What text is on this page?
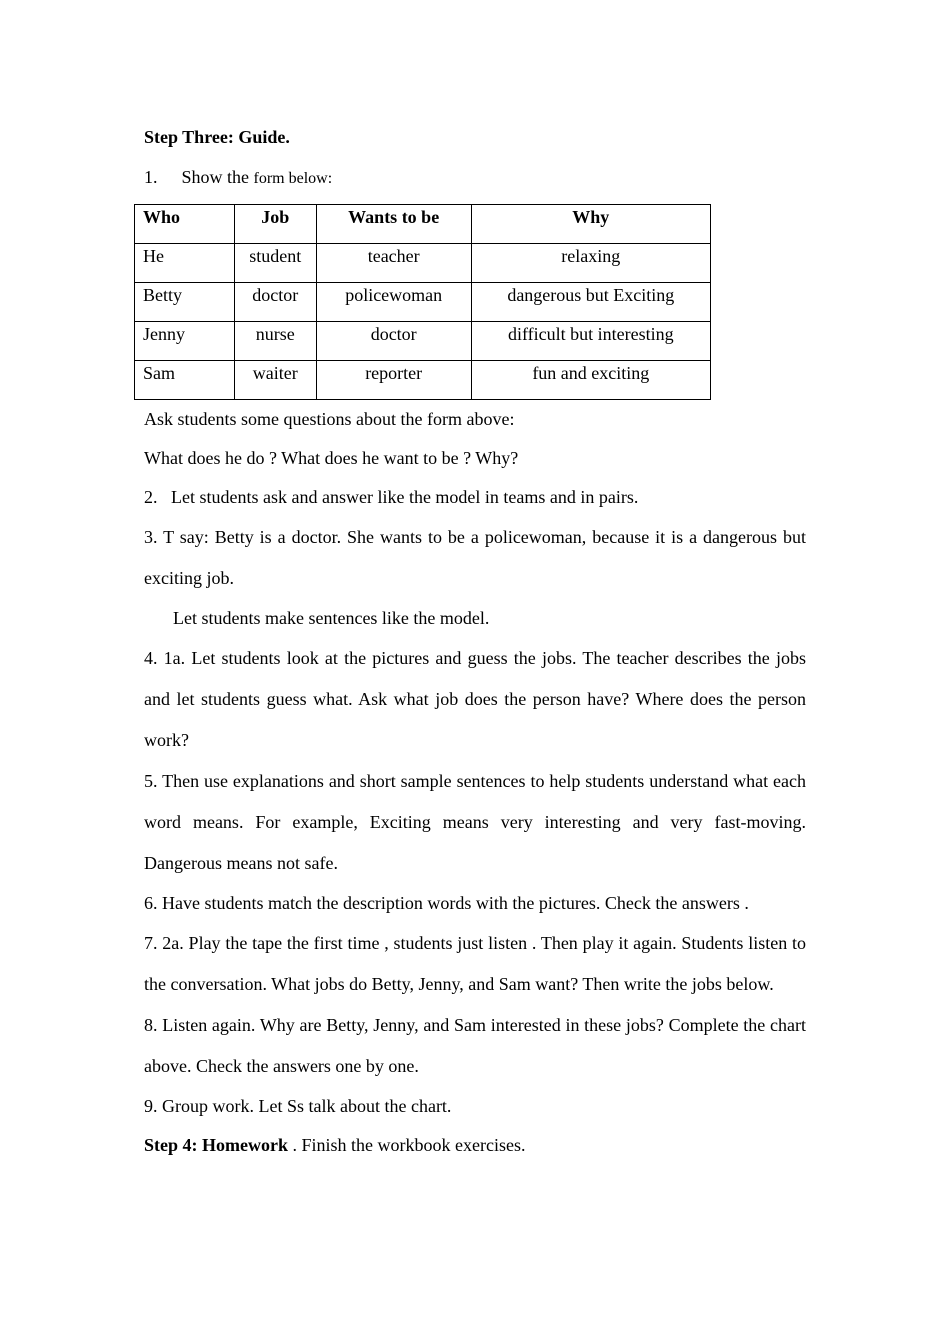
Step Three: Guide.

1. Show the form below:

Who	Job	Wants to be	Why
He	student	teacher	relaxing
Betty	doctor	policewoman	dangerous but Exciting
Jenny	nurse	doctor	difficult but interesting
Sam	waiter	reporter	fun and exciting

Ask students some questions about the form above:

What does he do ? What does he want to be ? Why?

2.   Let students ask and answer like the model in teams and in pairs.

3. T say: Betty is a doctor. She wants to be a policewoman, because it is a dangerous but exciting job.

Let students make sentences like the model.

4. 1a. Let students look at the pictures and guess the jobs. The teacher describes the jobs and let students guess what. Ask what job does the person have? Where does the person work?

5. Then use explanations and short sample sentences to help students understand what each word means. For example, Exciting means very interesting and very fast-moving. Dangerous means not safe.

6. Have students match the description words with the pictures. Check the answers .

7. 2a. Play the tape the first time , students just listen . Then play it again. Students listen to the conversation. What jobs do Betty, Jenny, and Sam want? Then write the jobs below.

8. Listen again. Why are Betty, Jenny, and Sam interested in these jobs? Complete the chart above. Check the answers one by one.

9. Group work. Let Ss talk about the chart.

Step 4: Homework . Finish the workbook exercises.
